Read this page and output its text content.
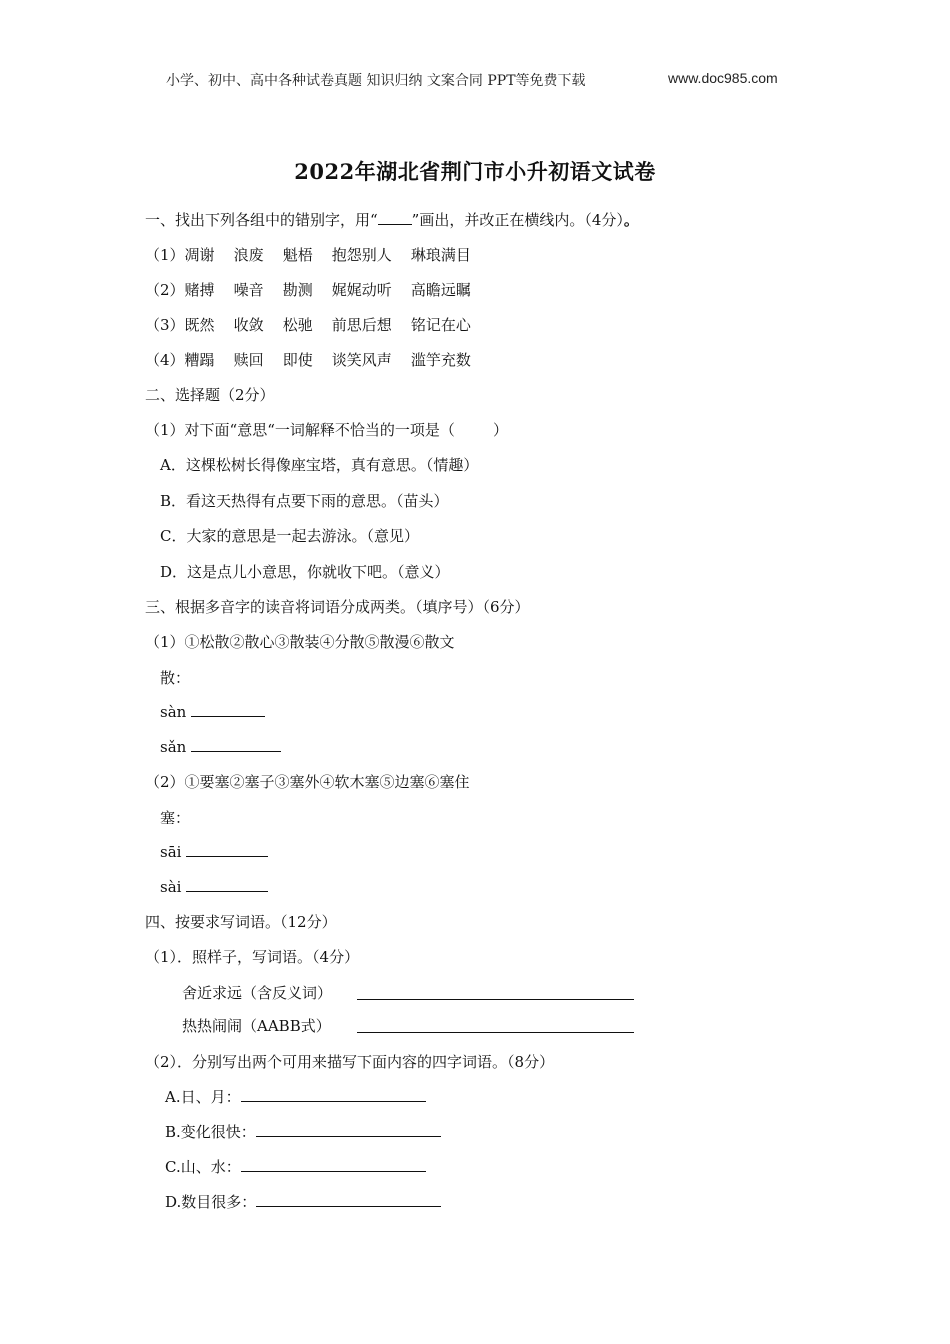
小学、初中、高中各种试卷真题 知识归纳 文案合同 PPT等免费下载	www.doc985.com
2022年湖北省荆门市小升初语文试卷
一、找出下列各组中的错别字，用“ ”画出，并改正在横线内。（4分）。
（1）凋谢    浪废    魁梧    抱怨别人    琳琅满目
（2）赌搏    噪音    勘测    娓娓动听    高瞻远瞩
（3）既然    收敛    松驰    前思后想    铭记在心
（4）糟蹋    赎回    即使    谈笑风声    滥竽充数
二、选择题（2分）
（1）对下面“意思“一词解释不恰当的一项是（        ）
A．这棵松树长得像座宝塔，真有意思。（情趣）
B．看这天热得有点要下雨的意思。（苗头）
C．大家的意思是一起去游泳。（意见）
D．这是点儿小意思，你就收下吧。（意义）
三、根据多音字的读音将词语分成两类。（填序号）（6分）
（1）①松散②散心③散装④分散⑤散漫⑥散文
散：
sàn
sǎn
（2）①要塞②塞子③塞外④软木塞⑤边塞⑥塞住
塞：
sāi
sài
四、按要求写词语。（12分）
（1）．照样子，写词语。（4分）
舍近求远（含反义词）
热热闹闹（AABB式）
（2）．分别写出两个可用来描写下面内容的四字词语。（8分）
A.日、月：
B.变化很快：
C.山、水：
D.数目很多：
